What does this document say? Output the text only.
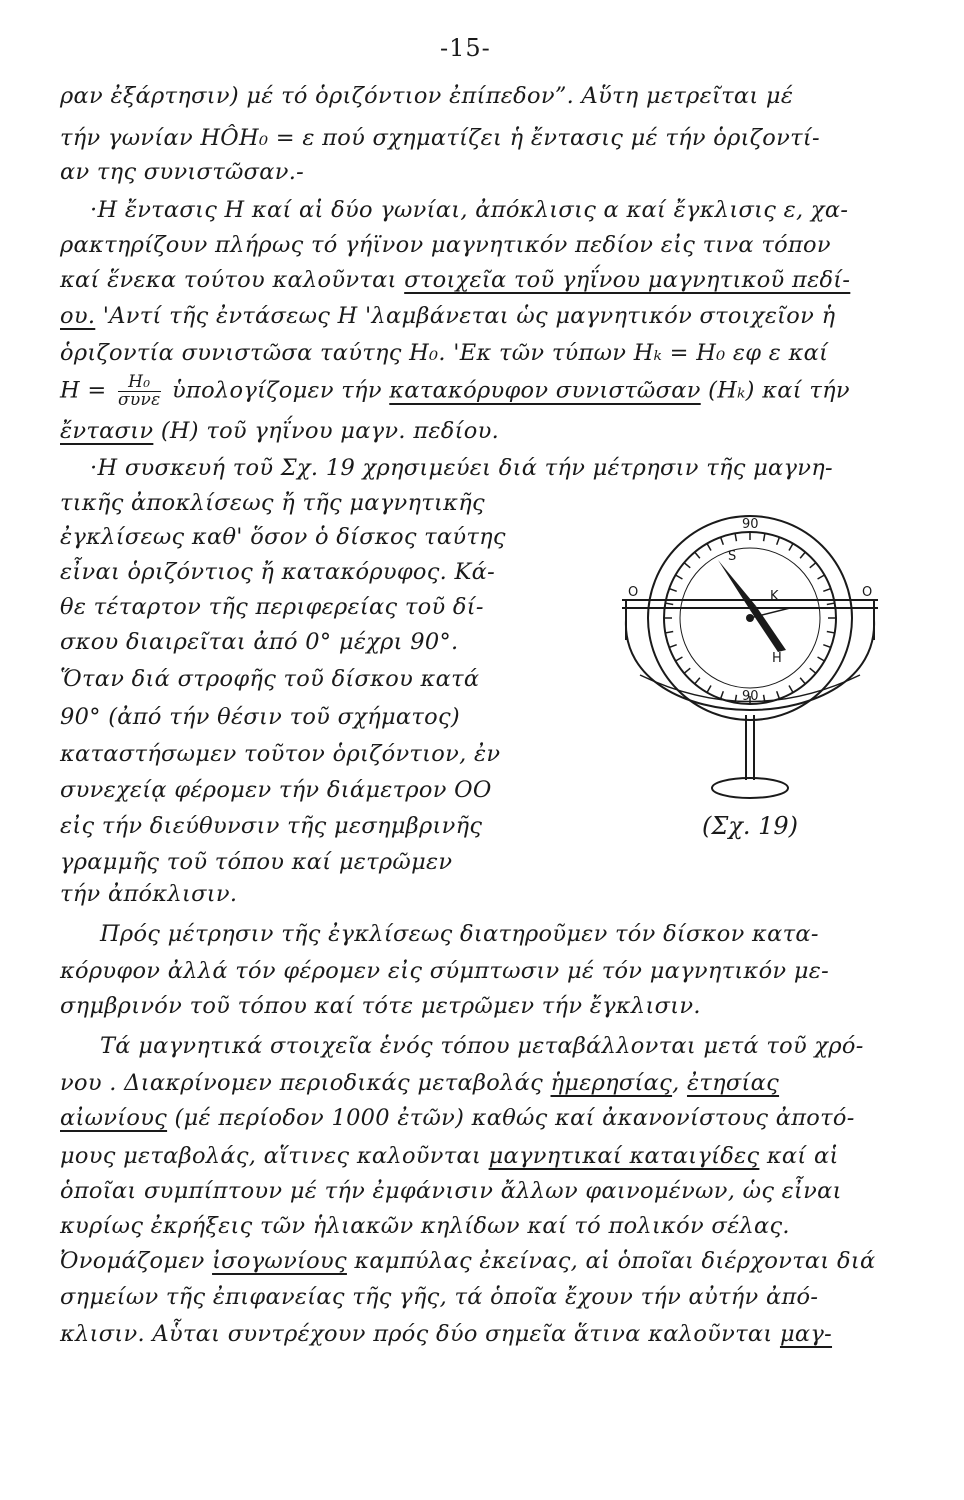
-15-
ραν ἐξάρτησιν) μέ τό ὁριζόντιον ἐπίπεδον”. Αὕτη μετρεῖται μέ
τήν γωνίαν ΗÔΗ₀ = ε πού σχηματίζει ἡ ἔντασις μέ τήν ὁριζοντί-
αν της συνιστῶσαν.-
·Η ἔντασις Η καί αἱ δύο γωνίαι, ἀπόκλισις α καί ἔγκλισις ε, χα-
ρακτηρίζουν πλήρως τό γήϊνον μαγνητικόν πεδίον εἰς τινα τόπον
καί ἕνεκα τούτου καλοῦνται στοιχεῖα τοῦ γηΐνου μαγνητικοῦ πεδί-
ου. 'Αντί τῆς ἐντάσεως Η 'λαμβάνεται ὡς μαγνητικόν στοιχεῖον ἡ
ὁριζοντία συνιστῶσα ταύτης Η₀. 'Εκ τῶν τύπων Ηₖ = Η₀ εφ ε καί
$H = \frac{\text{Η₀}}{\text{συνε}}$ ὑπολογίζομεν τήν κατακόρυφον συνιστῶσαν (Ηₖ) καί τήν
ἔντασιν (Η) τοῦ γηΐνου μαγν. πεδίου.
·Η συσκευή τοῦ Σχ. 19 χρησιμεύει διά τήν μέτρησιν τῆς μαγνη-
τικῆς ἀποκλίσεως ἤ τῆς μαγνητικῆς
ἐγκλίσεως καθ' ὅσον ὁ δίσκος ταύτης
εἶναι ὁριζόντιος ἤ κατακόρυφος. Κά-
θε τέταρτον τῆς περιφερείας τοῦ δί-
σκου διαιρεῖται ἀπό 0° μέχρι 90°.
Ὅταν διά στροφῆς τοῦ δίσκου κατά
90° (ἀπό τήν θέσιν τοῦ σχήματος)
καταστήσωμεν τοῦτον ὁριζόντιον, ἐν
συνεχείᾳ φέρομεν τήν διάμετρον ΟΟ
εἰς τήν διεύθυνσιν τῆς μεσημβρινῆς
γραμμῆς τοῦ τόπου καί μετρῶμεν
τήν ἀπόκλισιν.
90
90
S
K
Η
O	O
(Σχ. 19)
Πρός μέτρησιν τῆς ἐγκλίσεως διατηροῦμεν τόν δίσκον κατα-
κόρυφον ἀλλά τόν φέρομεν εἰς σύμπτωσιν μέ τόν μαγνητικόν με-
σημβρινόν τοῦ τόπου καί τότε μετρῶμεν τήν ἔγκλισιν.
Τά μαγνητικά στοιχεῖα ἑνός τόπου μεταβάλλονται μετά τοῦ χρό-
νου . Διακρίνομεν περιοδικάς μεταβολάς ἡμερησίας, ἐτησίας
αἰωνίους (μέ περίοδον 1000 ἐτῶν) καθώς καί ἀκανονίστους ἀποτό-
μους μεταβολάς, αἵτινες καλοῦνται μαγνητικαί καταιγίδες καί αἱ
ὁποῖαι συμπίπτουν μέ τήν ἐμφάνισιν ἄλλων φαινομένων, ὡς εἶναι
κυρίως ἐκρήξεις τῶν ἡλιακῶν κηλίδων καί τό πολικόν σέλας.
Ὀνομάζομεν ἰσογωνίους καμπύλας ἐκείνας, αἱ ὁποῖαι διέρχονται διά
σημείων τῆς ἐπιφανείας τῆς γῆς, τά ὁποῖα ἔχουν τήν αὐτήν ἀπό-
κλισιν. Αὗται συντρέχουν πρός δύο σημεῖα ἅτινα καλοῦνται μαγ-
